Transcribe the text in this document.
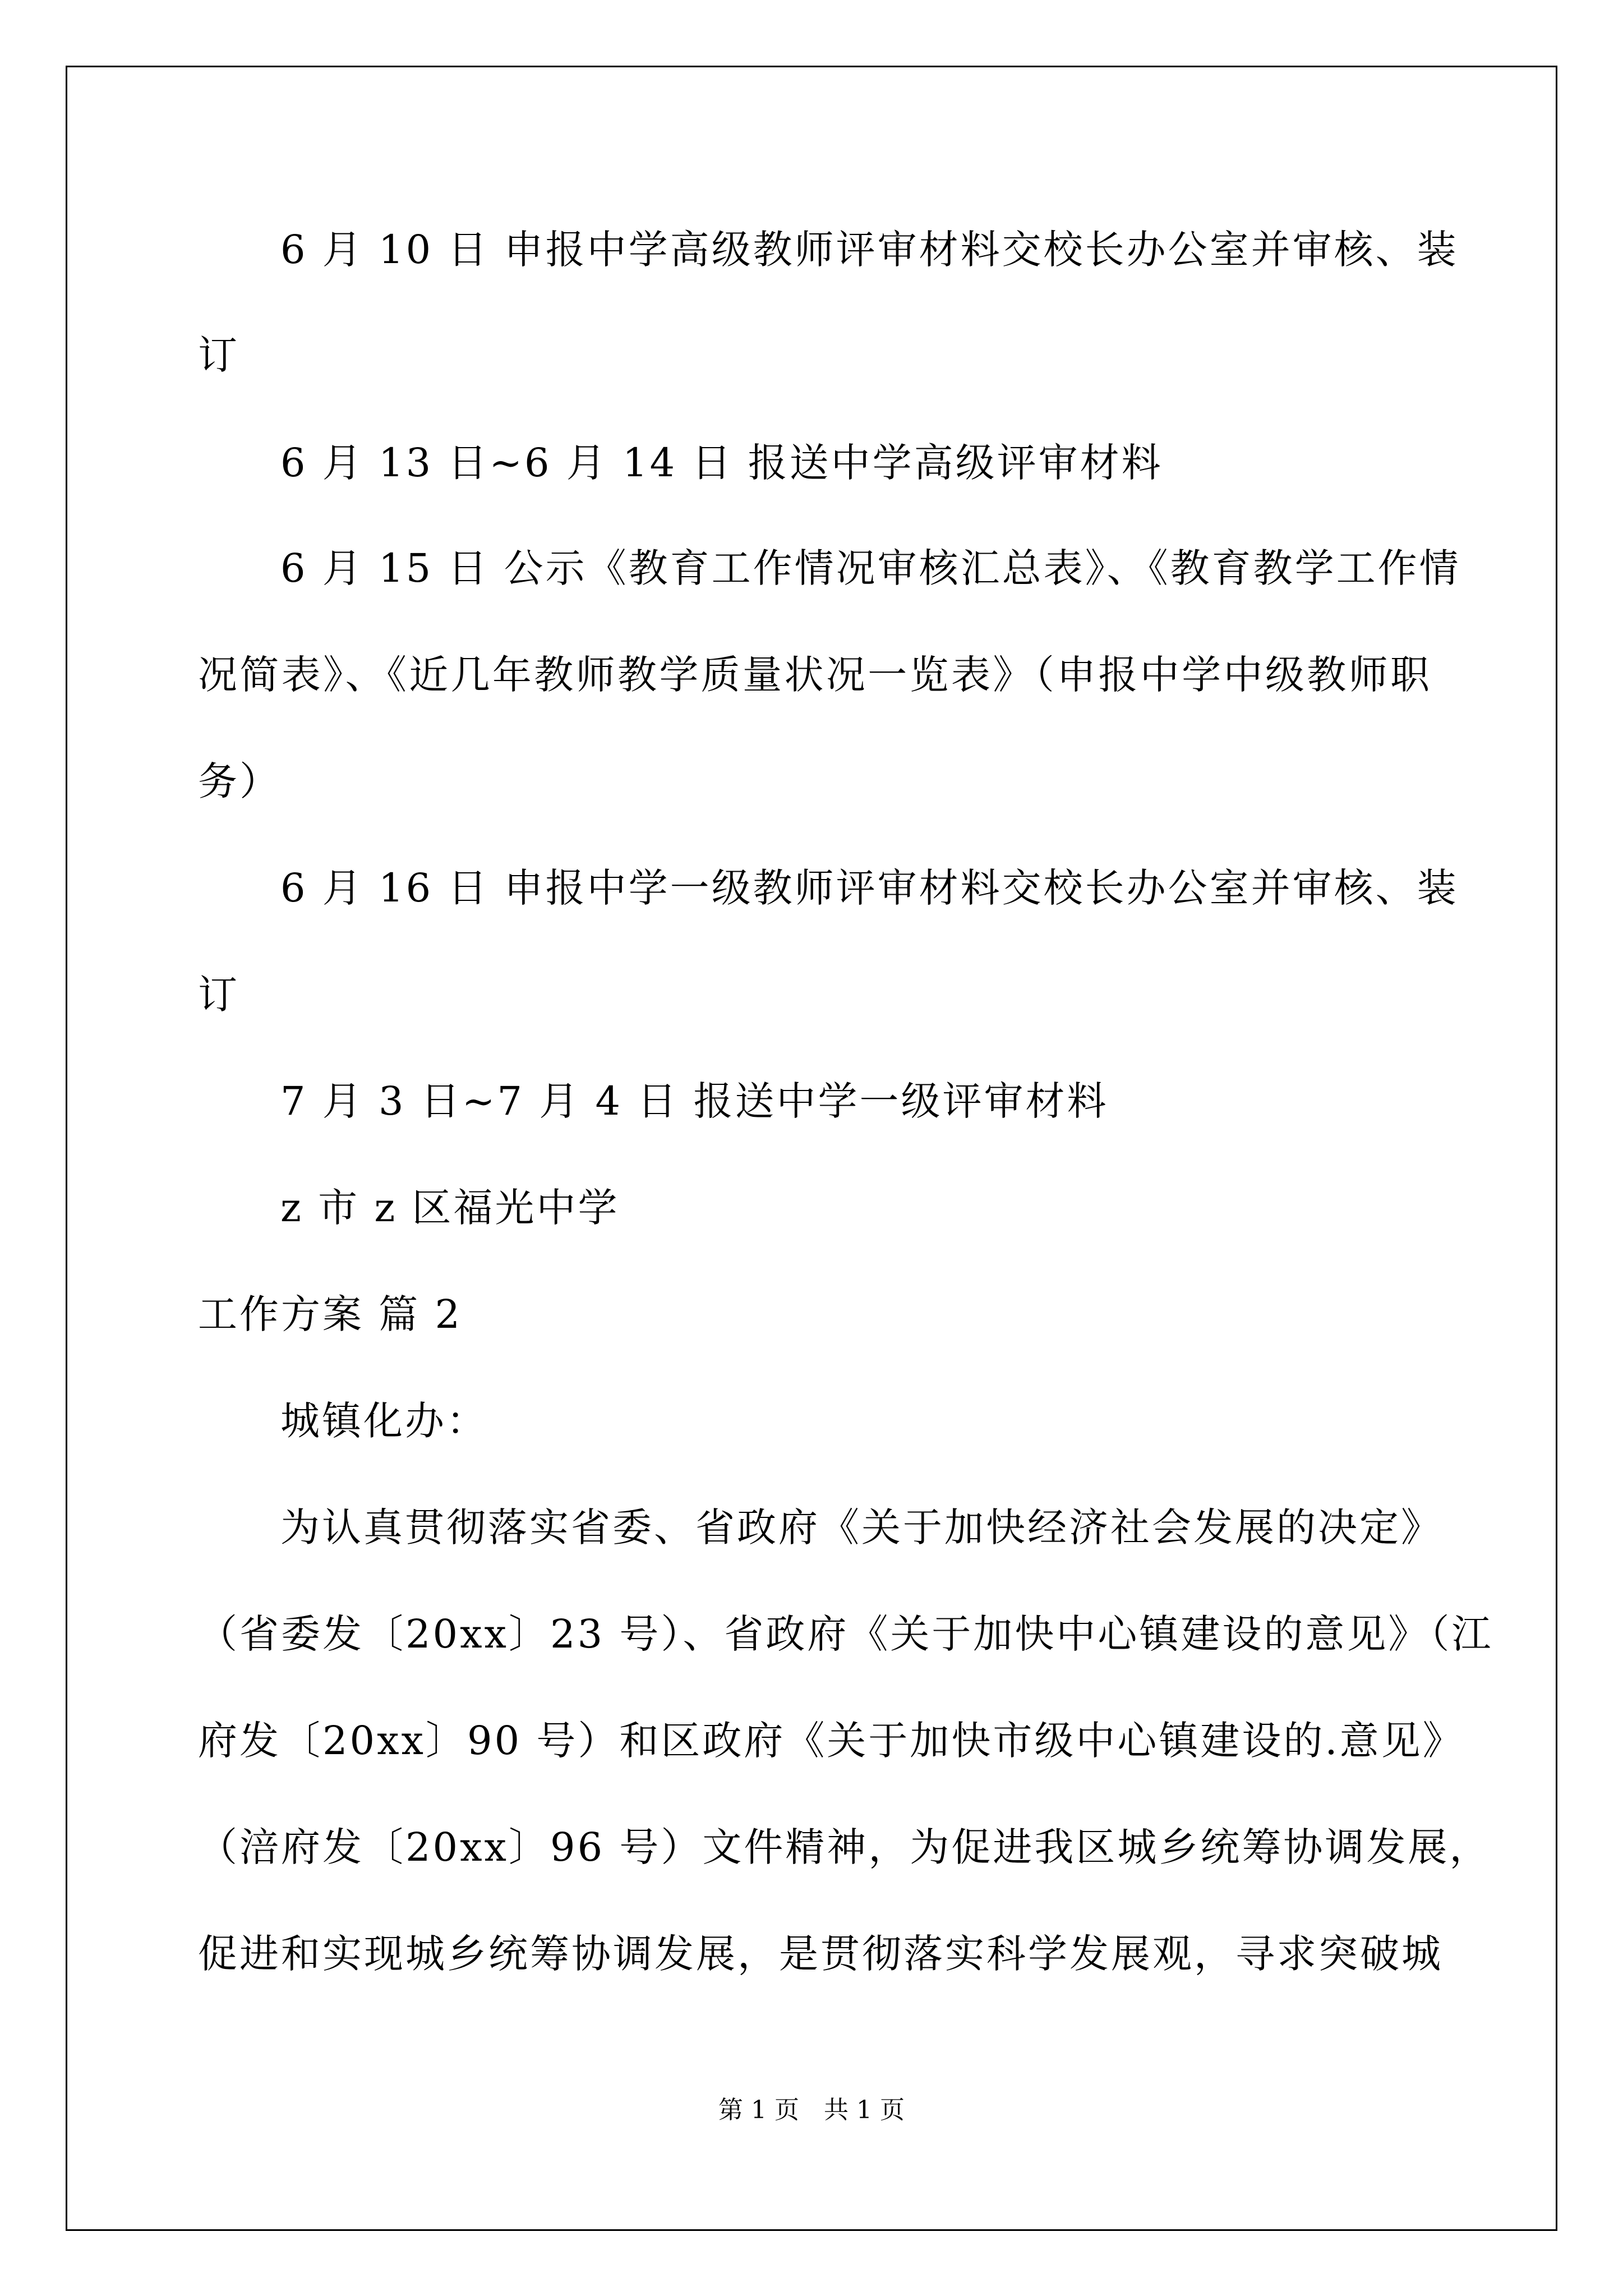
6 月 10 日 申报中学高级教师评审材料交校长办公室并审核、装
订
6 月 13 日~6 月 14 日 报送中学高级评审材料
6 月 15 日 公示《教育工作情况审核汇总表》、《教育教学工作情
况简表》、《近几年教师教学质量状况一览表》（申报中学中级教师职
务）
6 月 16 日 申报中学一级教师评审材料交校长办公室并审核、装
订
7 月 3 日~7 月 4 日 报送中学一级评审材料
z 市 z 区福光中学
工作方案 篇 2
城镇化办：
为认真贯彻落实省委、省政府《关于加快经济社会发展的决定》
（省委发〔20xx〕23 号）、省政府《关于加快中心镇建设的意见》（江
府发〔20xx〕90 号）和区政府《关于加快市级中心镇建设的.意见》
（涪府发〔20xx〕96 号）文件精神，为促进我区城乡统筹协调发展，
促进和实现城乡统筹协调发展，是贯彻落实科学发展观，寻求突破城
第 1 页　共 1 页
